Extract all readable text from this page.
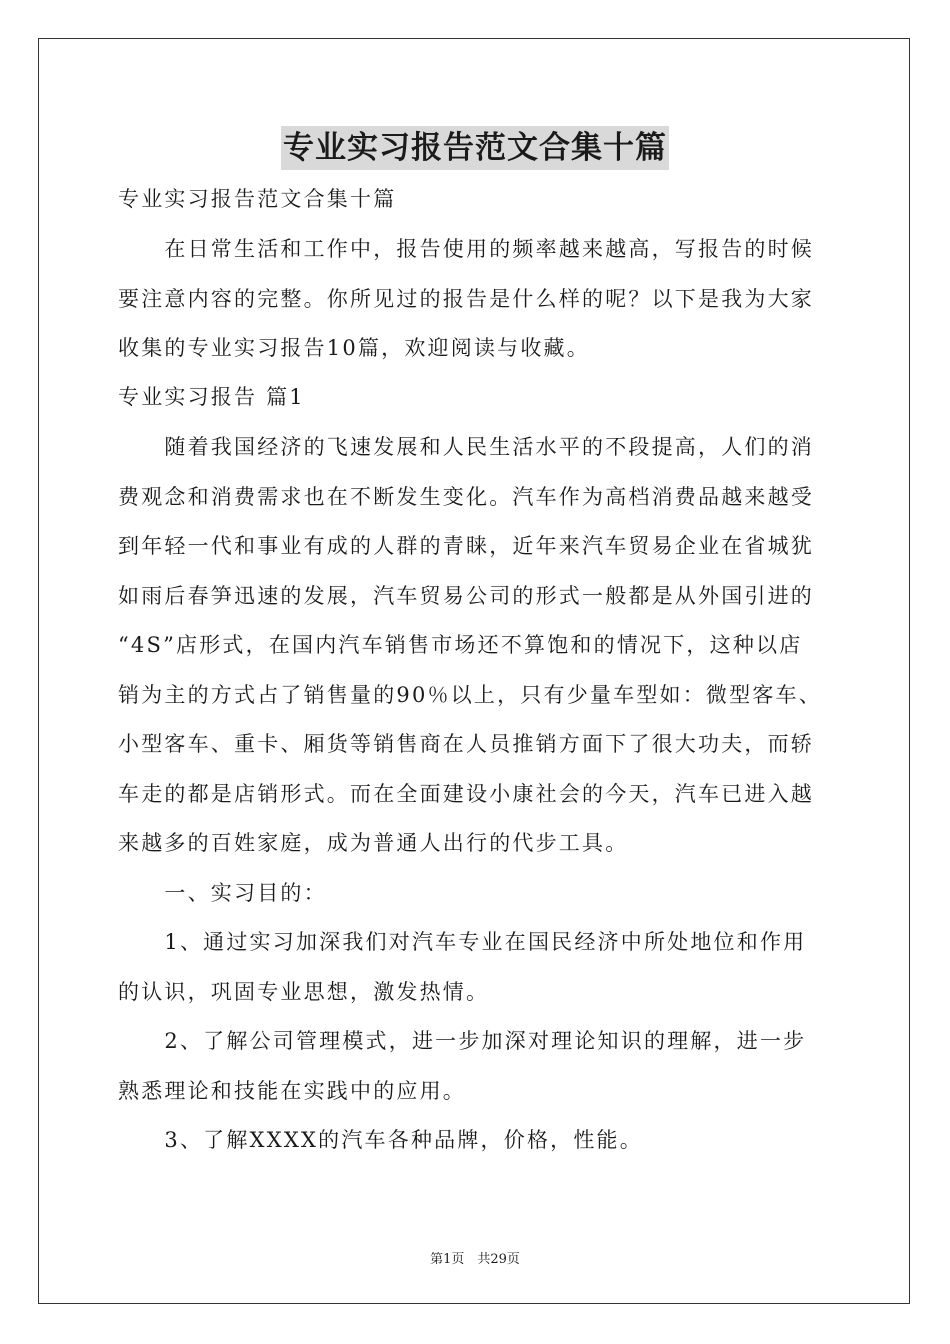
专业实习报告范文合集十篇
专业实习报告范文合集十篇
　　在日常生活和工作中，报告使用的频率越来越高，写报告的时候
要注意内容的完整。你所见过的报告是什么样的呢？以下是我为大家
收集的专业实习报告10篇，欢迎阅读与收藏。
专业实习报告 篇1
　　随着我国经济的飞速发展和人民生活水平的不段提高，人们的消
费观念和消费需求也在不断发生变化。汽车作为高档消费品越来越受
到年轻一代和事业有成的人群的青睐，近年来汽车贸易企业在省城犹
如雨后春笋迅速的发展，汽车贸易公司的形式一般都是从外国引进的
“4S”店形式，在国内汽车销售市场还不算饱和的情况下，这种以店
销为主的方式占了销售量的90％以上，只有少量车型如：微型客车、
小型客车、重卡、厢货等销售商在人员推销方面下了很大功夫，而轿
车走的都是店销形式。而在全面建设小康社会的今天，汽车已进入越
来越多的百姓家庭，成为普通人出行的代步工具。
　　一、实习目的：
　　1、通过实习加深我们对汽车专业在国民经济中所处地位和作用
的认识，巩固专业思想，激发热情。
　　2、了解公司管理模式，进一步加深对理论知识的理解，进一步
熟悉理论和技能在实践中的应用。
　　3、了解XXXX的汽车各种品牌，价格，性能。
第1页　共29页
